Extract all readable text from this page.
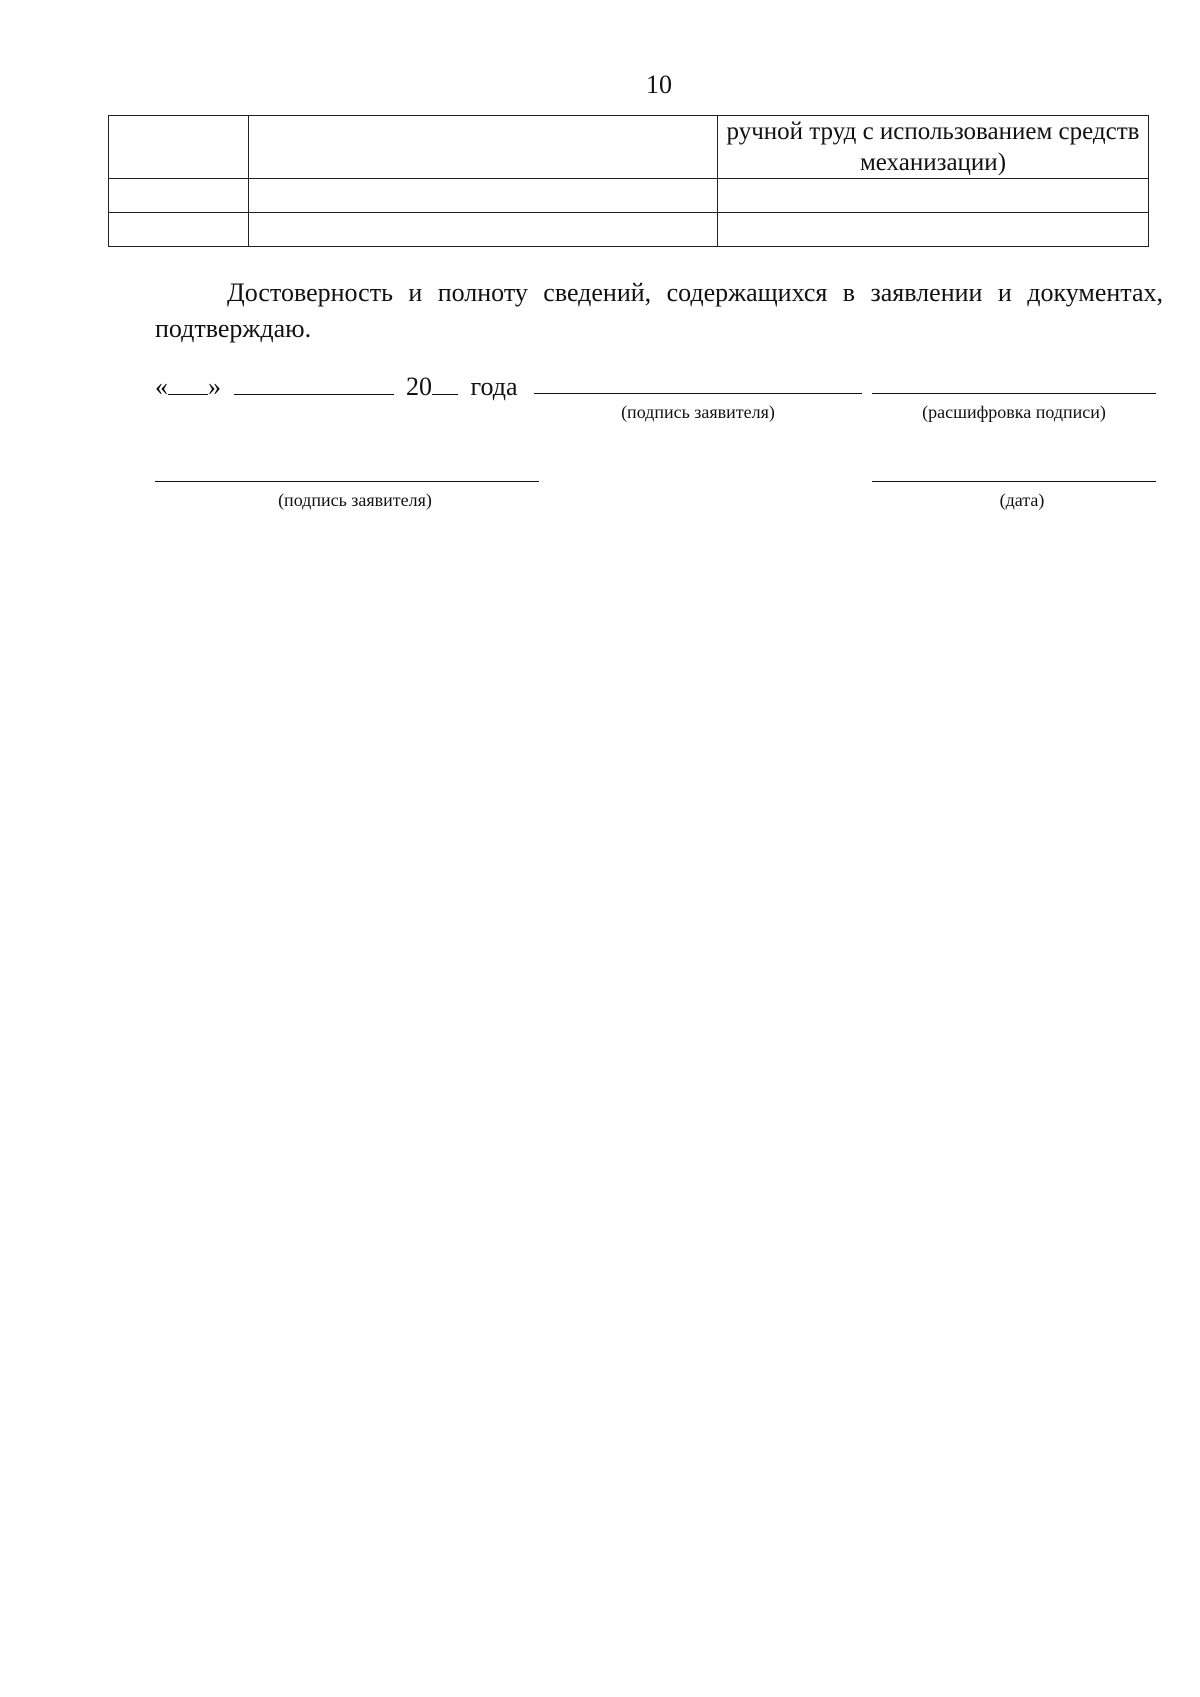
10
		ручной труд с использованием средств механизации)

Достоверность и полноту сведений, содержащихся в заявлении и документах, подтверждаю.
« »	20 года
(подпись заявителя)	(расшифровка подписи)
(подпись заявителя)	(дата)
